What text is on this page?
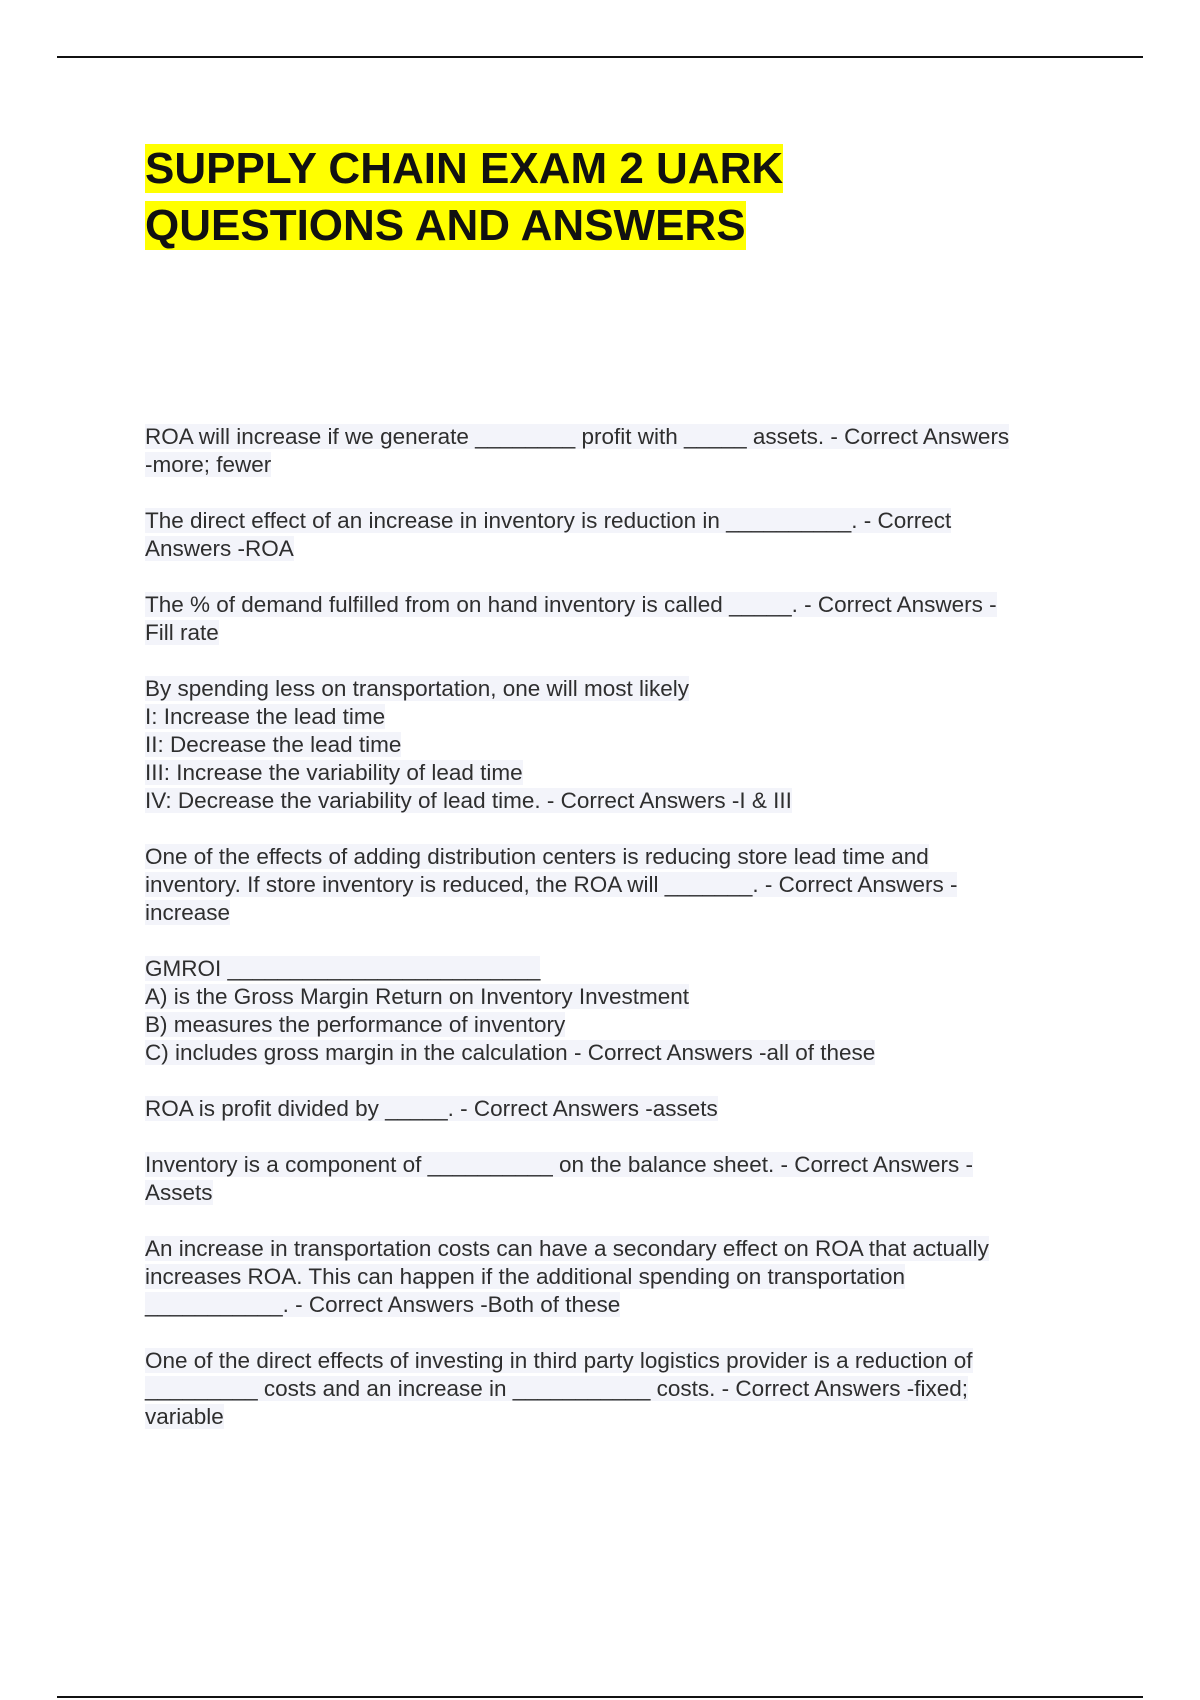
SUPPLY CHAIN EXAM 2 UARK
QUESTIONS AND ANSWERS

ROA will increase if we generate ________ profit with _____ assets. - Correct Answers
-more; fewer

The direct effect of an increase in inventory is reduction in __________. - Correct
Answers -ROA

The % of demand fulfilled from on hand inventory is called _____. - Correct Answers -
Fill rate

By spending less on transportation, one will most likely
I: Increase the lead time
II: Decrease the lead time
III: Increase the variability of lead time
IV: Decrease the variability of lead time. - Correct Answers -I & III

One of the effects of adding distribution centers is reducing store lead time and
inventory. If store inventory is reduced, the ROA will _______. - Correct Answers -
increase

GMROI _________________________
A) is the Gross Margin Return on Inventory Investment
B) measures the performance of inventory
C) includes gross margin in the calculation - Correct Answers -all of these

ROA is profit divided by _____. - Correct Answers -assets

Inventory is a component of __________ on the balance sheet. - Correct Answers -
Assets

An increase in transportation costs can have a secondary effect on ROA that actually
increases ROA. This can happen if the additional spending on transportation
___________. - Correct Answers -Both of these

One of the direct effects of investing in third party logistics provider is a reduction of
_________ costs and an increase in ___________ costs. - Correct Answers -fixed;
variable
